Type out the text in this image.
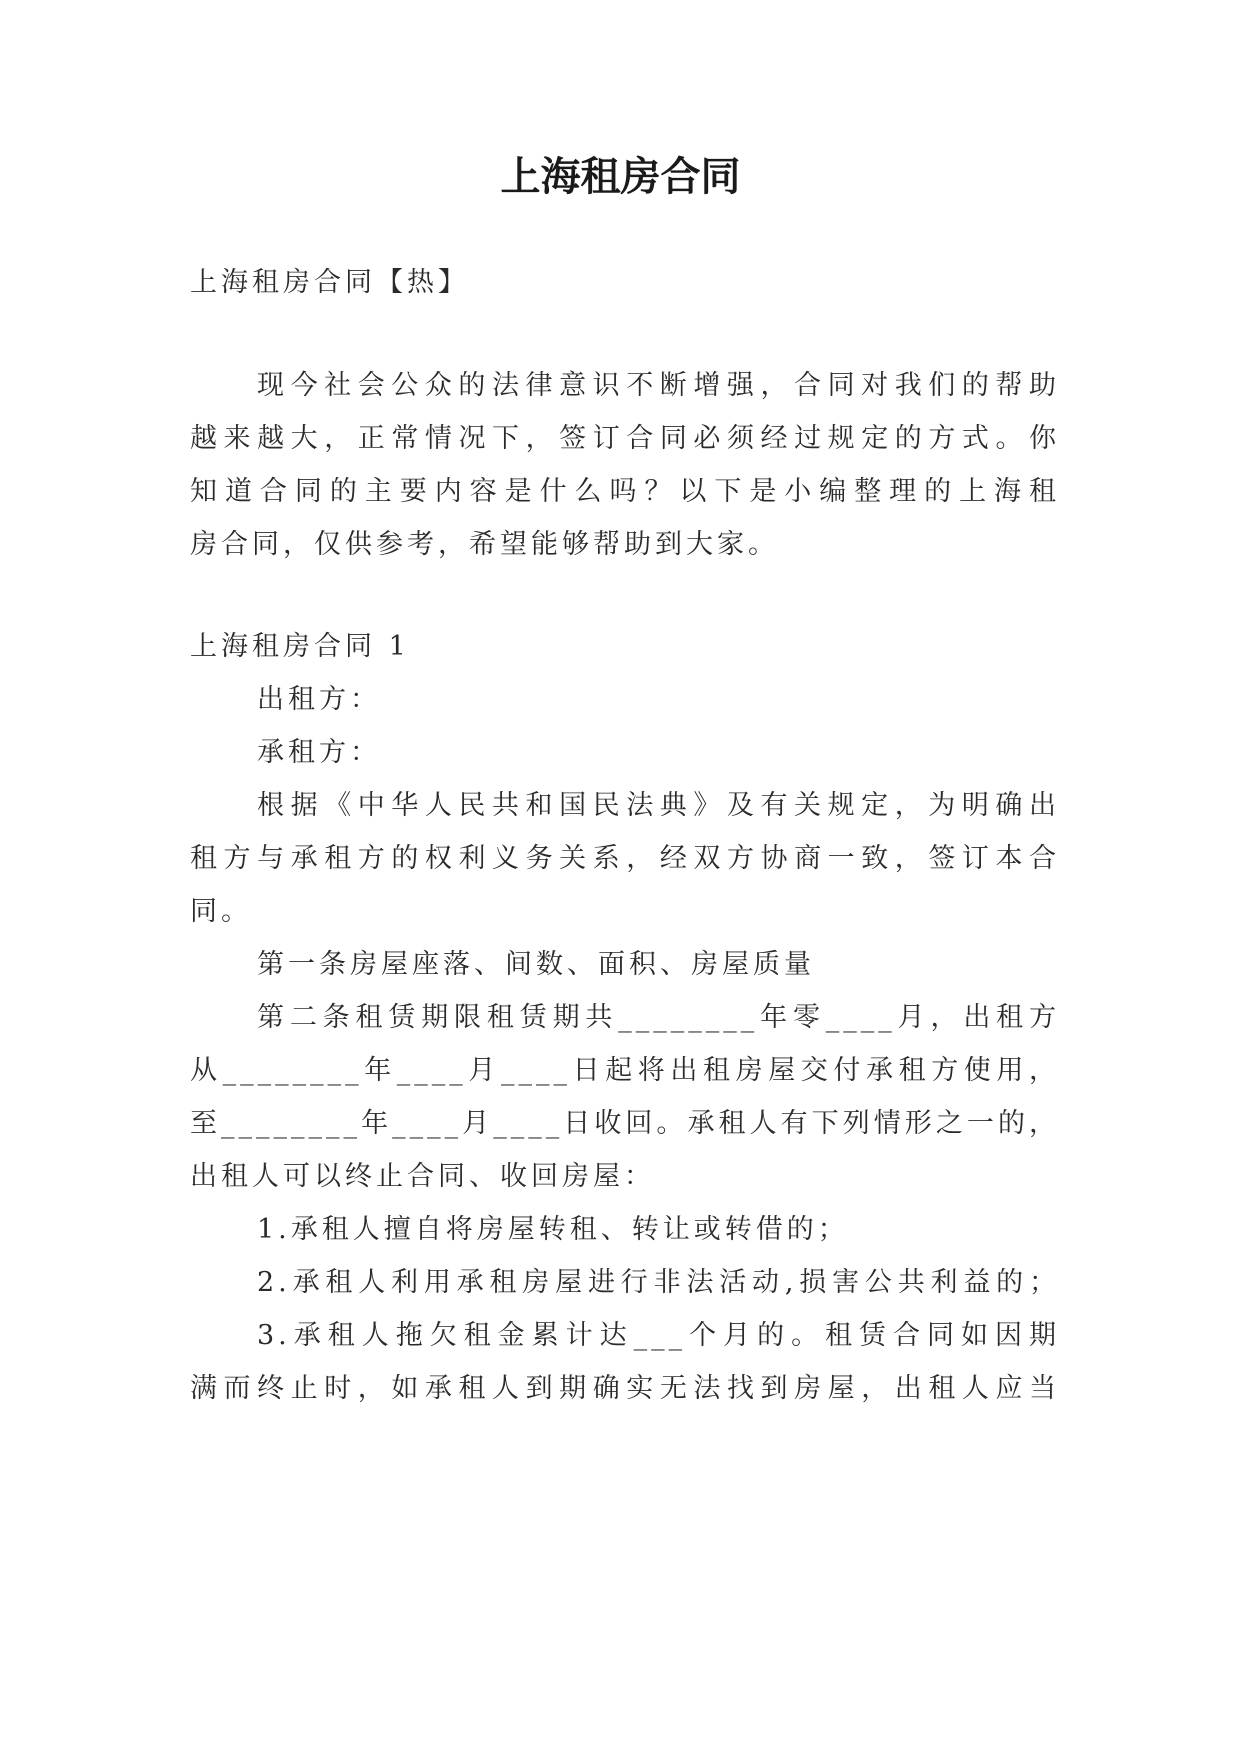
上海租房合同

上海租房合同【热】

现今社会公众的法律意识不断增强，合同对我们的帮助

越来越大，正常情况下，签订合同必须经过规定的方式。你

知道合同的主要内容是什么吗？以下是小编整理的上海租

房合同，仅供参考，希望能够帮助到大家。

上海租房合同 1

出租方：

承租方：

根据《中华人民共和国民法典》及有关规定，为明确出

租方与承租方的权利义务关系，经双方协商一致，签订本合

同。

第一条房屋座落、间数、面积、房屋质量

第二条租赁期限租赁期共________年零____月，出租方

从________年____月____日起将出租房屋交付承租方使用，

至________年____月____日收回。承租人有下列情形之一的，

出租人可以终止合同、收回房屋：

1.承租人擅自将房屋转租、转让或转借的；

2.承租人利用承租房屋进行非法活动,损害公共利益的；

3.承租人拖欠租金累计达___个月的。租赁合同如因期

满而终止时，如承租人到期确实无法找到房屋，出租人应当
